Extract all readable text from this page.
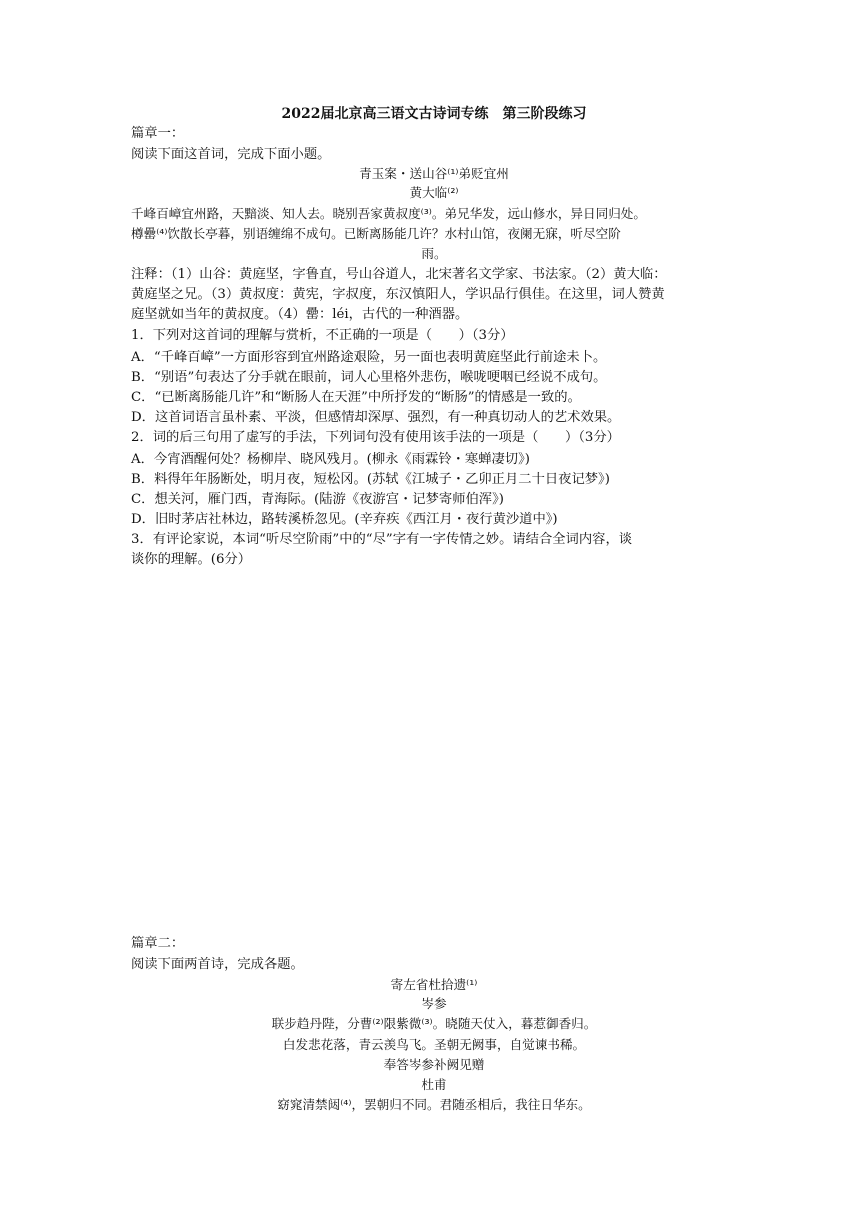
2022届北京高三语文古诗词专练　第三阶段练习
篇章一：
阅读下面这首词，完成下面小题。
青玉案・送山谷⁽¹⁾弟贬宜州
黄大临⁽²⁾
千峰百嶂宜州路，天黯淡、知人去。晓别吾家黄叔度⁽³⁾。弟兄华发，远山修水，异日同归处。
樽罍⁽⁴⁾饮散长亭暮，别语缠绵不成句。已断离肠能几许？水村山馆，夜阑无寐，听尽空阶
雨。
注释：（1）山谷：黄庭坚，字鲁直，号山谷道人，北宋著名文学家、书法家。（2）黄大临：
黄庭坚之兄。（3）黄叔度：黄宪，字叔度，东汉慎阳人，学识品行俱佳。在这里，词人赞黄
庭坚就如当年的黄叔度。（4）罍：léi，古代的一种酒器。
1．下列对这首词的理解与赏析，不正确的一项是（　　）（3分）
A．“千峰百嶂”一方面形容到宜州路途艰险，另一面也表明黄庭坚此行前途未卜。
B．“别语”句表达了分手就在眼前，词人心里格外悲伤，喉咙哽咽已经说不成句。
C．“已断离肠能几许”和“断肠人在天涯”中所抒发的“断肠”的情感是一致的。
D．这首词语言虽朴素、平淡，但感情却深厚、强烈，有一种真切动人的艺术效果。
2．词的后三句用了虚写的手法，下列词句没有使用该手法的一项是（　　）（3分）
A．今宵酒醒何处？杨柳岸、晓风残月。(柳永《雨霖铃・寒蝉凄切》)
B．料得年年肠断处，明月夜，短松冈。(苏轼《江城子・乙卯正月二十日夜记梦》)
C．想关河，雁门西，青海际。(陆游《夜游宫・记梦寄师伯浑》)
D．旧时茅店社林边，路转溪桥忽见。(辛弃疾《西江月・夜行黄沙道中》)
3．有评论家说，本词“听尽空阶雨”中的“尽”字有一字传情之妙。请结合全词内容，谈
谈你的理解。(6分）
篇章二：
阅读下面两首诗，完成各题。
寄左省杜拾遗⁽¹⁾
岑参
联步趋丹陛，分曹⁽²⁾限紫微⁽³⁾。晓随天仗入，暮惹御香归。
白发悲花落，青云羡鸟飞。圣朝无阙事，自觉谏书稀。
奉答岑参补阙见赠
杜甫
窈窕清禁闼⁽⁴⁾，罢朝归不同。君随丞相后，我往日华东。
